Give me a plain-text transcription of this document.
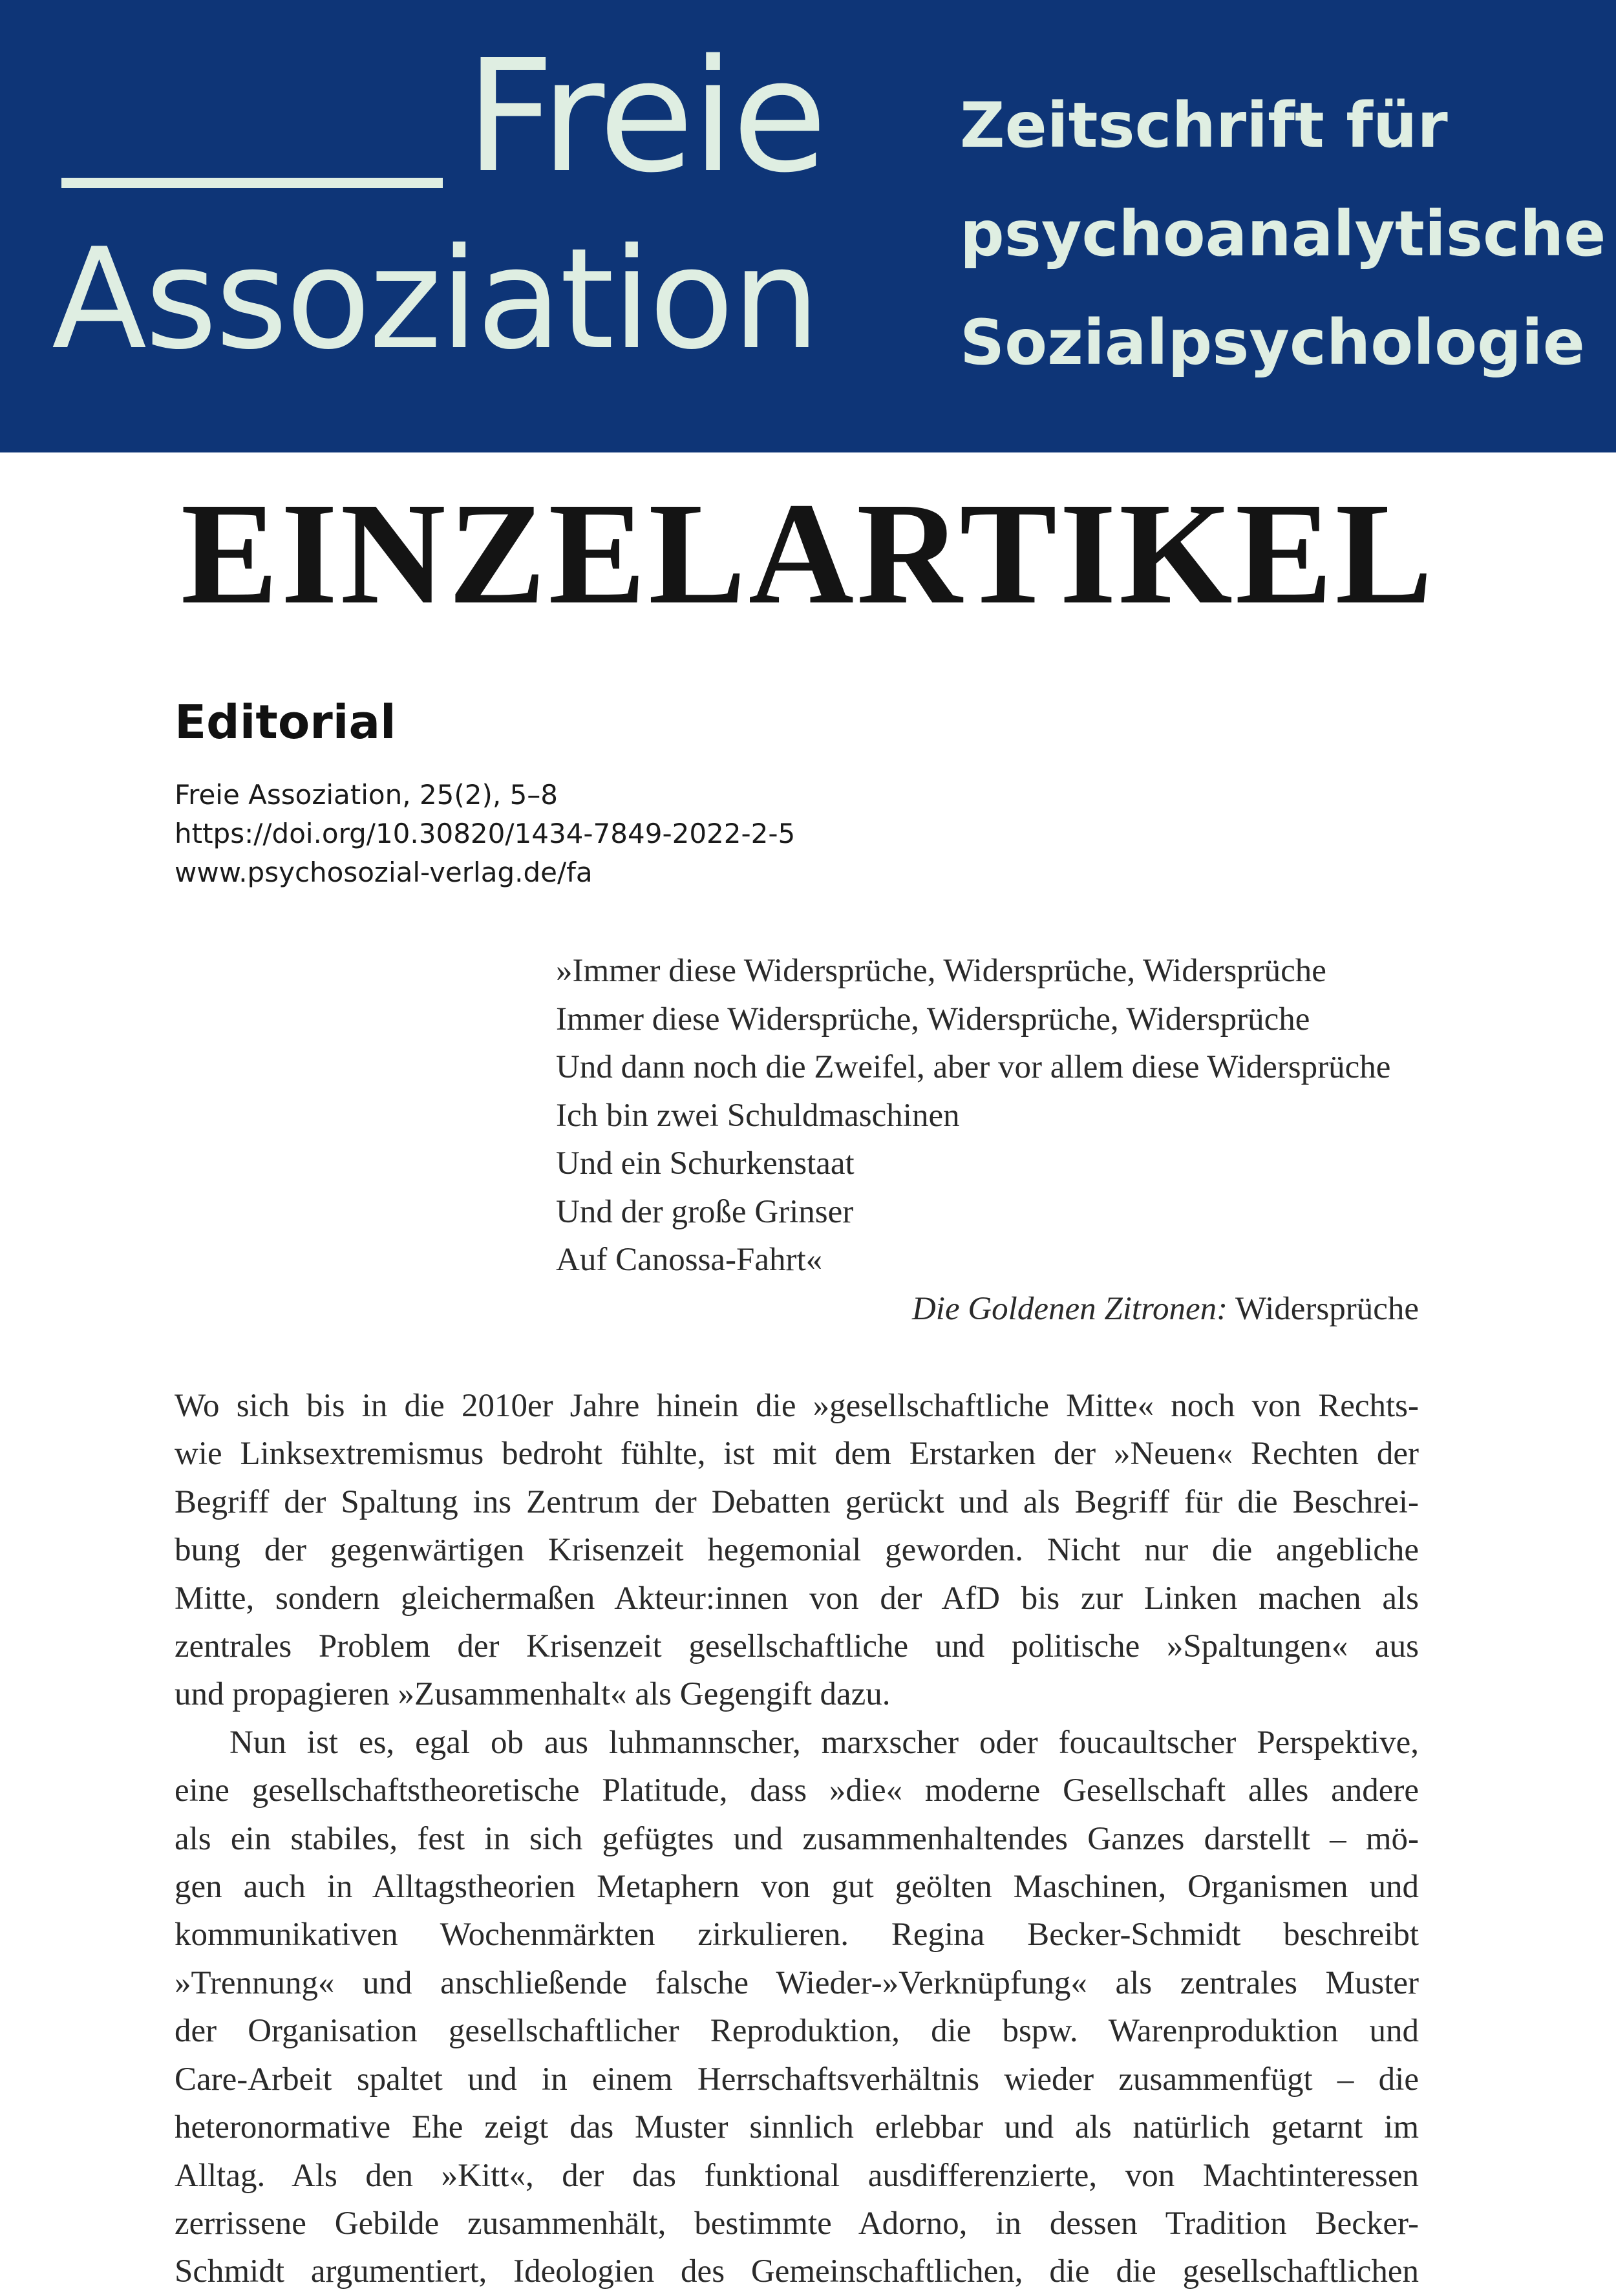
Freie
Assoziation
Zeitschrift für
psychoanalytische
Sozialpsychologie
EINZELARTIKEL
Editorial
Freie Assoziation, 25(2), 5–8
https://doi.org/10.30820/1434-7849-2022-2-5
www.psychosozial-verlag.de/fa
»Immer diese Widersprüche, Widersprüche, Widersprüche
Immer diese Widersprüche, Widersprüche, Widersprüche
Und dann noch die Zweifel, aber vor allem diese Widersprüche
Ich bin zwei Schuldmaschinen
Und ein Schurkenstaat
Und der große Grinser
Auf Canossa-Fahrt«
Die Goldenen Zitronen: Widersprüche
Wo sich bis in die 2010er Jahre hinein die »gesellschaftliche Mitte« noch von Rechts-
wie Linksextremismus bedroht fühlte, ist mit dem Erstarken der »Neuen« Rechten der
Begriff der Spaltung ins Zentrum der Debatten gerückt und als Begriff für die Beschrei-
bung der gegenwärtigen Krisenzeit hegemonial geworden. Nicht nur die angebliche
Mitte, sondern gleichermaßen Akteur:innen von der AfD bis zur Linken machen als
zentrales Problem der Krisenzeit gesellschaftliche und politische »Spaltungen« aus
und propagieren »Zusammenhalt« als Gegengift dazu.
Nun ist es, egal ob aus luhmannscher, marxscher oder foucaultscher Perspektive,
eine gesellschaftstheoretische Platitude, dass »die« moderne Gesellschaft alles andere
als ein stabiles, fest in sich gefügtes und zusammenhaltendes Ganzes darstellt – mö-
gen auch in Alltagstheorien Metaphern von gut geölten Maschinen, Organismen und
kommunikativen Wochenmärkten zirkulieren. Regina Becker-Schmidt beschreibt
»Trennung« und anschließende falsche Wieder-»Verknüpfung« als zentrales Muster
der Organisation gesellschaftlicher Reproduktion, die bspw. Warenproduktion und
Care-Arbeit spaltet und in einem Herrschaftsverhältnis wieder zusammenfügt – die
heteronormative Ehe zeigt das Muster sinnlich erlebbar und als natürlich getarnt im
Alltag. Als den »Kitt«, der das funktional ausdifferenzierte, von Machtinteressen
zerrissene Gebilde zusammenhält, bestimmte Adorno, in dessen Tradition Becker-
Schmidt argumentiert, Ideologien des Gemeinschaftlichen, die die gesellschaftlichen
